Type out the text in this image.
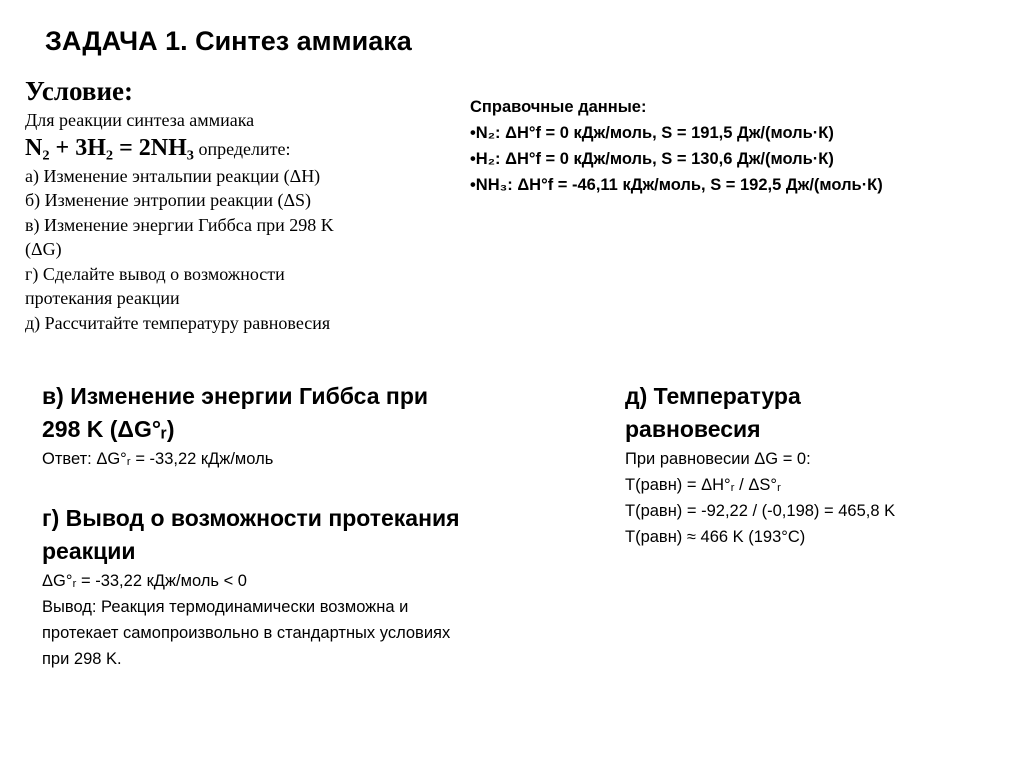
ЗАДАЧА 1. Синтез аммиака
Условие:
Для реакции синтеза аммиака
N₂ + 3H₂ = 2NH₃ определите:
а) Изменение энтальпии реакции (ΔH)
б) Изменение энтропии реакции (ΔS)
в) Изменение энергии Гиббса при 298 K
(ΔG)
г) Сделайте вывод о возможности
протекания реакции
д) Рассчитайте температуру равновесия
Справочные данные:
•N₂: ΔH°f = 0 кДж/моль, S = 191,5 Дж/(моль·К)
•H₂: ΔH°f = 0 кДж/моль, S = 130,6 Дж/(моль·К)
•NH₃: ΔH°f = -46,11 кДж/моль, S = 192,5 Дж/(моль·К)
в) Изменение энергии Гиббса при
298 K (ΔG°ᵣ)
Ответ: ΔG°ᵣ = -33,22 кДж/моль
г) Вывод о возможности протекания
реакции
ΔG°ᵣ = -33,22 кДж/моль < 0
Вывод: Реакция термодинамически возможна и
протекает самопроизвольно в стандартных условиях
при 298 K.
д) Температура
равновесия
При равновесии ΔG = 0:
T(равн) = ΔH°ᵣ / ΔS°ᵣ
T(равн) = -92,22 / (-0,198) = 465,8 K
T(равн) ≈ 466 K (193°C)
